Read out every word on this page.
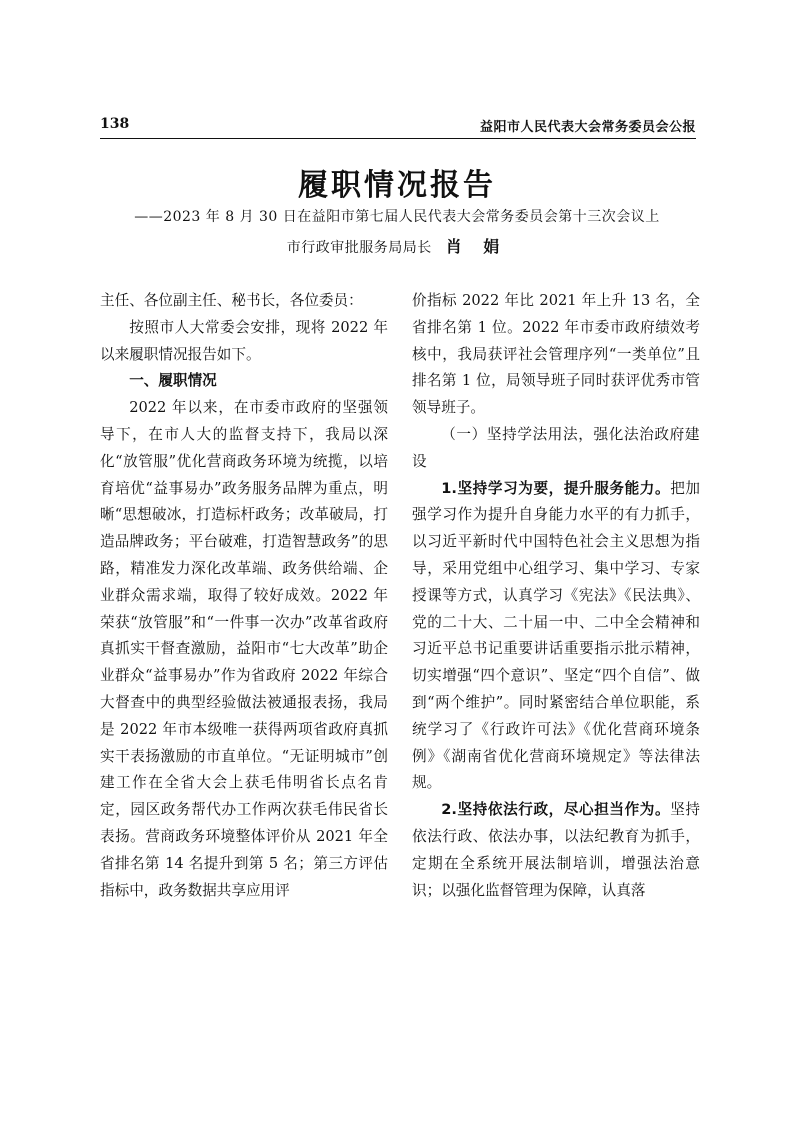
138	益阳市人民代表大会常务委员会公报
履职情况报告
——2023 年 8 月 30 日在益阳市第七届人民代表大会常务委员会第十三次会议上
市行政审批服务局局长 肖 娟

主任、各位副主任、秘书长，各位委员：

按照市人大常委会安排，现将 2022 年以来履职情况报告如下。

一、履职情况

2022 年以来，在市委市政府的坚强领导下，在市人大的监督支持下，我局以深化“放管服”优化营商政务环境为统揽，以培育培优“益事易办”政务服务品牌为重点，明晰“思想破冰，打造标杆政务；改革破局，打造品牌政务；平台破难，打造智慧政务”的思路，精准发力深化改革端、政务供给端、企业群众需求端，取得了较好成效。2022 年荣获“放管服”和“一件事一次办”改革省政府真抓实干督查激励，益阳市“七大改革”助企业群众“益事易办”作为省政府 2022 年综合大督查中的典型经验做法被通报表扬，我局是 2022 年市本级唯一获得两项省政府真抓实干表扬激励的市直单位。“无证明城市”创建工作在全省大会上获毛伟明省长点名肯定，园区政务帮代办工作两次获毛伟民省长表扬。营商政务环境整体评价从 2021 年全省排名第 14 名提升到第 5 名；第三方评估指标中，政务数据共享应用评

价指标 2022 年比 2021 年上升 13 名，全省排名第 1 位。2022 年市委市政府绩效考核中，我局获评社会管理序列“一类单位”且排名第 1 位，局领导班子同时获评优秀市管领导班子。

（一）坚持学法用法，强化法治政府建设

1.坚持学习为要，提升服务能力。把加强学习作为提升自身能力水平的有力抓手，以习近平新时代中国特色社会主义思想为指导，采用党组中心组学习、集中学习、专家授课等方式，认真学习《宪法》《民法典》、党的二十大、二十届一中、二中全会精神和习近平总书记重要讲话重要指示批示精神，切实增强“四个意识”、坚定“四个自信”、做到“两个维护”。同时紧密结合单位职能，系统学习了《行政许可法》《优化营商环境条例》《湖南省优化营商环境规定》等法律法规。

2.坚持依法行政，尽心担当作为。坚持依法行政、依法办事，以法纪教育为抓手，定期在全系统开展法制培训，增强法治意识；以强化监督管理为保障，认真落
